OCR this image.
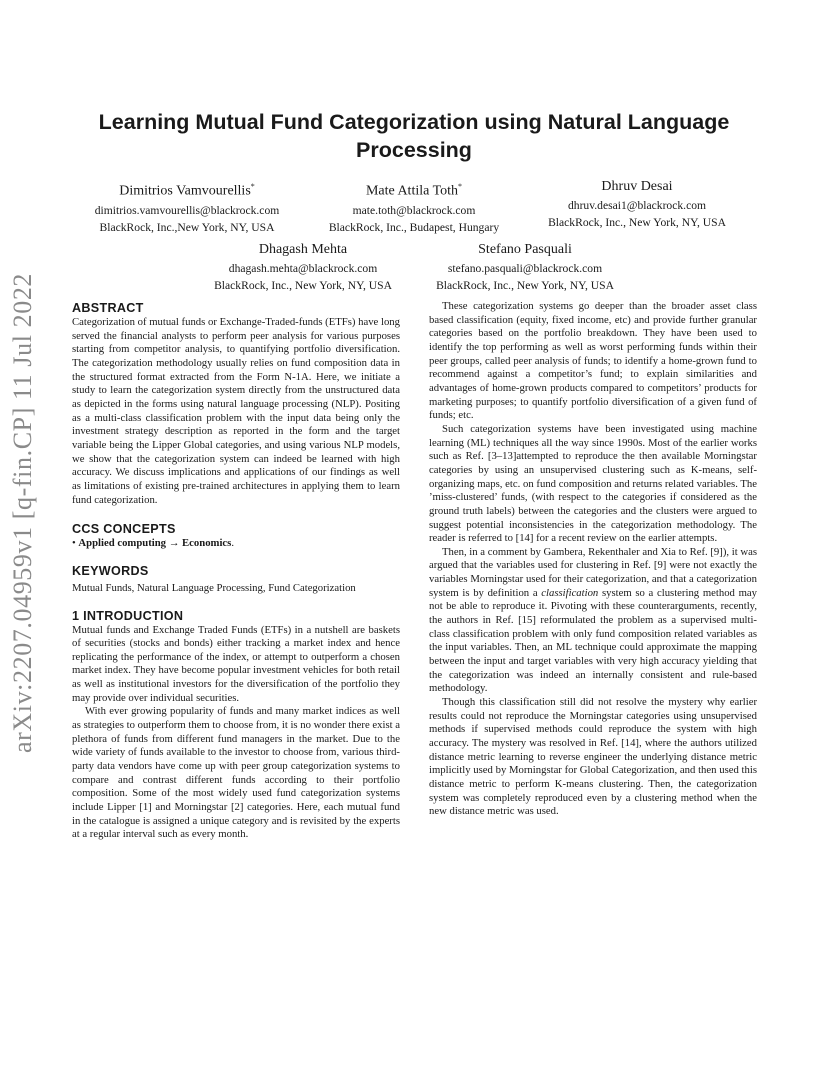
arXiv:2207.04959v1 [q-fin.CP] 11 Jul 2022
Learning Mutual Fund Categorization using Natural Language Processing
Dimitrios Vamvourellis*
dimitrios.vamvourellis@blackrock.com
BlackRock, Inc.,New York, NY, USA
Mate Attila Toth*
mate.toth@blackrock.com
BlackRock, Inc., Budapest, Hungary
Dhruv Desai
dhruv.desai1@blackrock.com
BlackRock, Inc., New York, NY, USA
Dhagash Mehta
dhagash.mehta@blackrock.com
BlackRock, Inc., New York, NY, USA
Stefano Pasquali
stefano.pasquali@blackrock.com
BlackRock, Inc., New York, NY, USA
ABSTRACT

Categorization of mutual funds or Exchange-Traded-funds (ETFs) have long served the financial analysts to perform peer analysis for various purposes starting from competitor analysis, to quantifying portfolio diversification. The categorization methodology usually relies on fund composition data in the structured format extracted from the Form N-1A. Here, we initiate a study to learn the categorization system directly from the unstructured data as depicted in the forms using natural language processing (NLP). Positing as a multi-class classification problem with the input data being only the investment strategy description as reported in the form and the target variable being the Lipper Global categories, and using various NLP models, we show that the categorization system can indeed be learned with high accuracy. We discuss implications and applications of our findings as well as limitations of existing pre-trained architectures in applying them to learn fund categorization.

CCS CONCEPTS

• Applied computing → Economics.

KEYWORDS

Mutual Funds, Natural Language Processing, Fund Categorization

1 INTRODUCTION

Mutual funds and Exchange Traded Funds (ETFs) in a nutshell are baskets of securities (stocks and bonds) either tracking a market index and hence replicating the performance of the index, or attempt to outperform a chosen market index. They have become popular investment vehicles for both retail as well as institutional investors for the diversification of the portfolio they may provide over individual securities.

With ever growing popularity of funds and many market indices as well as strategies to outperform them to choose from, it is no wonder there exist a plethora of funds from different fund managers in the market. Due to the wide variety of funds available to the investor to choose from, various third-party data vendors have come up with peer group categorization systems to compare and contrast different funds according to their portfolio composition. Some of the most widely used fund categorization systems include Lipper [1] and Morningstar [2] categories. Here, each mutual fund in the catalogue is assigned a unique category and is revisited by the experts at a regular interval such as every month.

These categorization systems go deeper than the broader asset class based classification (equity, fixed income, etc) and provide further granular categories based on the portfolio breakdown. They have been used to identify the top performing as well as worst performing funds within their peer groups, called peer analysis of funds; to identify a home-grown fund to recommend against a competitor’s fund; to explain similarities and advantages of home-grown products compared to competitors’ products for marketing purposes; to quantify portfolio diversification of a given fund of funds; etc.

Such categorization systems have been investigated using machine learning (ML) techniques all the way since 1990s. Most of the earlier works such as Ref. [3–13]attempted to reproduce the then available Morningstar categories by using an unsupervised clustering such as K-means, self-organizing maps, etc. on fund composition and returns related variables. The ’miss-clustered’ funds, (with respect to the categories if considered as the ground truth labels) between the categories and the clusters were argued to suggest potential inconsistencies in the categorization methodology. The reader is referred to [14] for a recent review on the earlier attempts.

Then, in a comment by Gambera, Rekenthaler and Xia to Ref. [9]), it was argued that the variables used for clustering in Ref. [9] were not exactly the variables Morningstar used for their categorization, and that a categorization system is by definition a classification system so a clustering method may not be able to reproduce it. Pivoting with these counterarguments, recently, the authors in Ref. [15] reformulated the problem as a supervised multi-class classification problem with only fund composition related variables as the input variables. Then, an ML technique could approximate the mapping between the input and target variables with very high accuracy yielding that the categorization was indeed an internally consistent and rule-based methodology.

Though this classification still did not resolve the mystery why earlier results could not reproduce the Morningstar categories using unsupervised methods if supervised methods could reproduce the system with high accuracy. The mystery was resolved in Ref. [14], where the authors utilized distance metric learning to reverse engineer the underlying distance metric implicitly used by Morningstar for Global Categorization, and then used this distance metric to perform K-means clustering. Then, the categorization system was completely reproduced even by a clustering method when the new distance metric was used.
